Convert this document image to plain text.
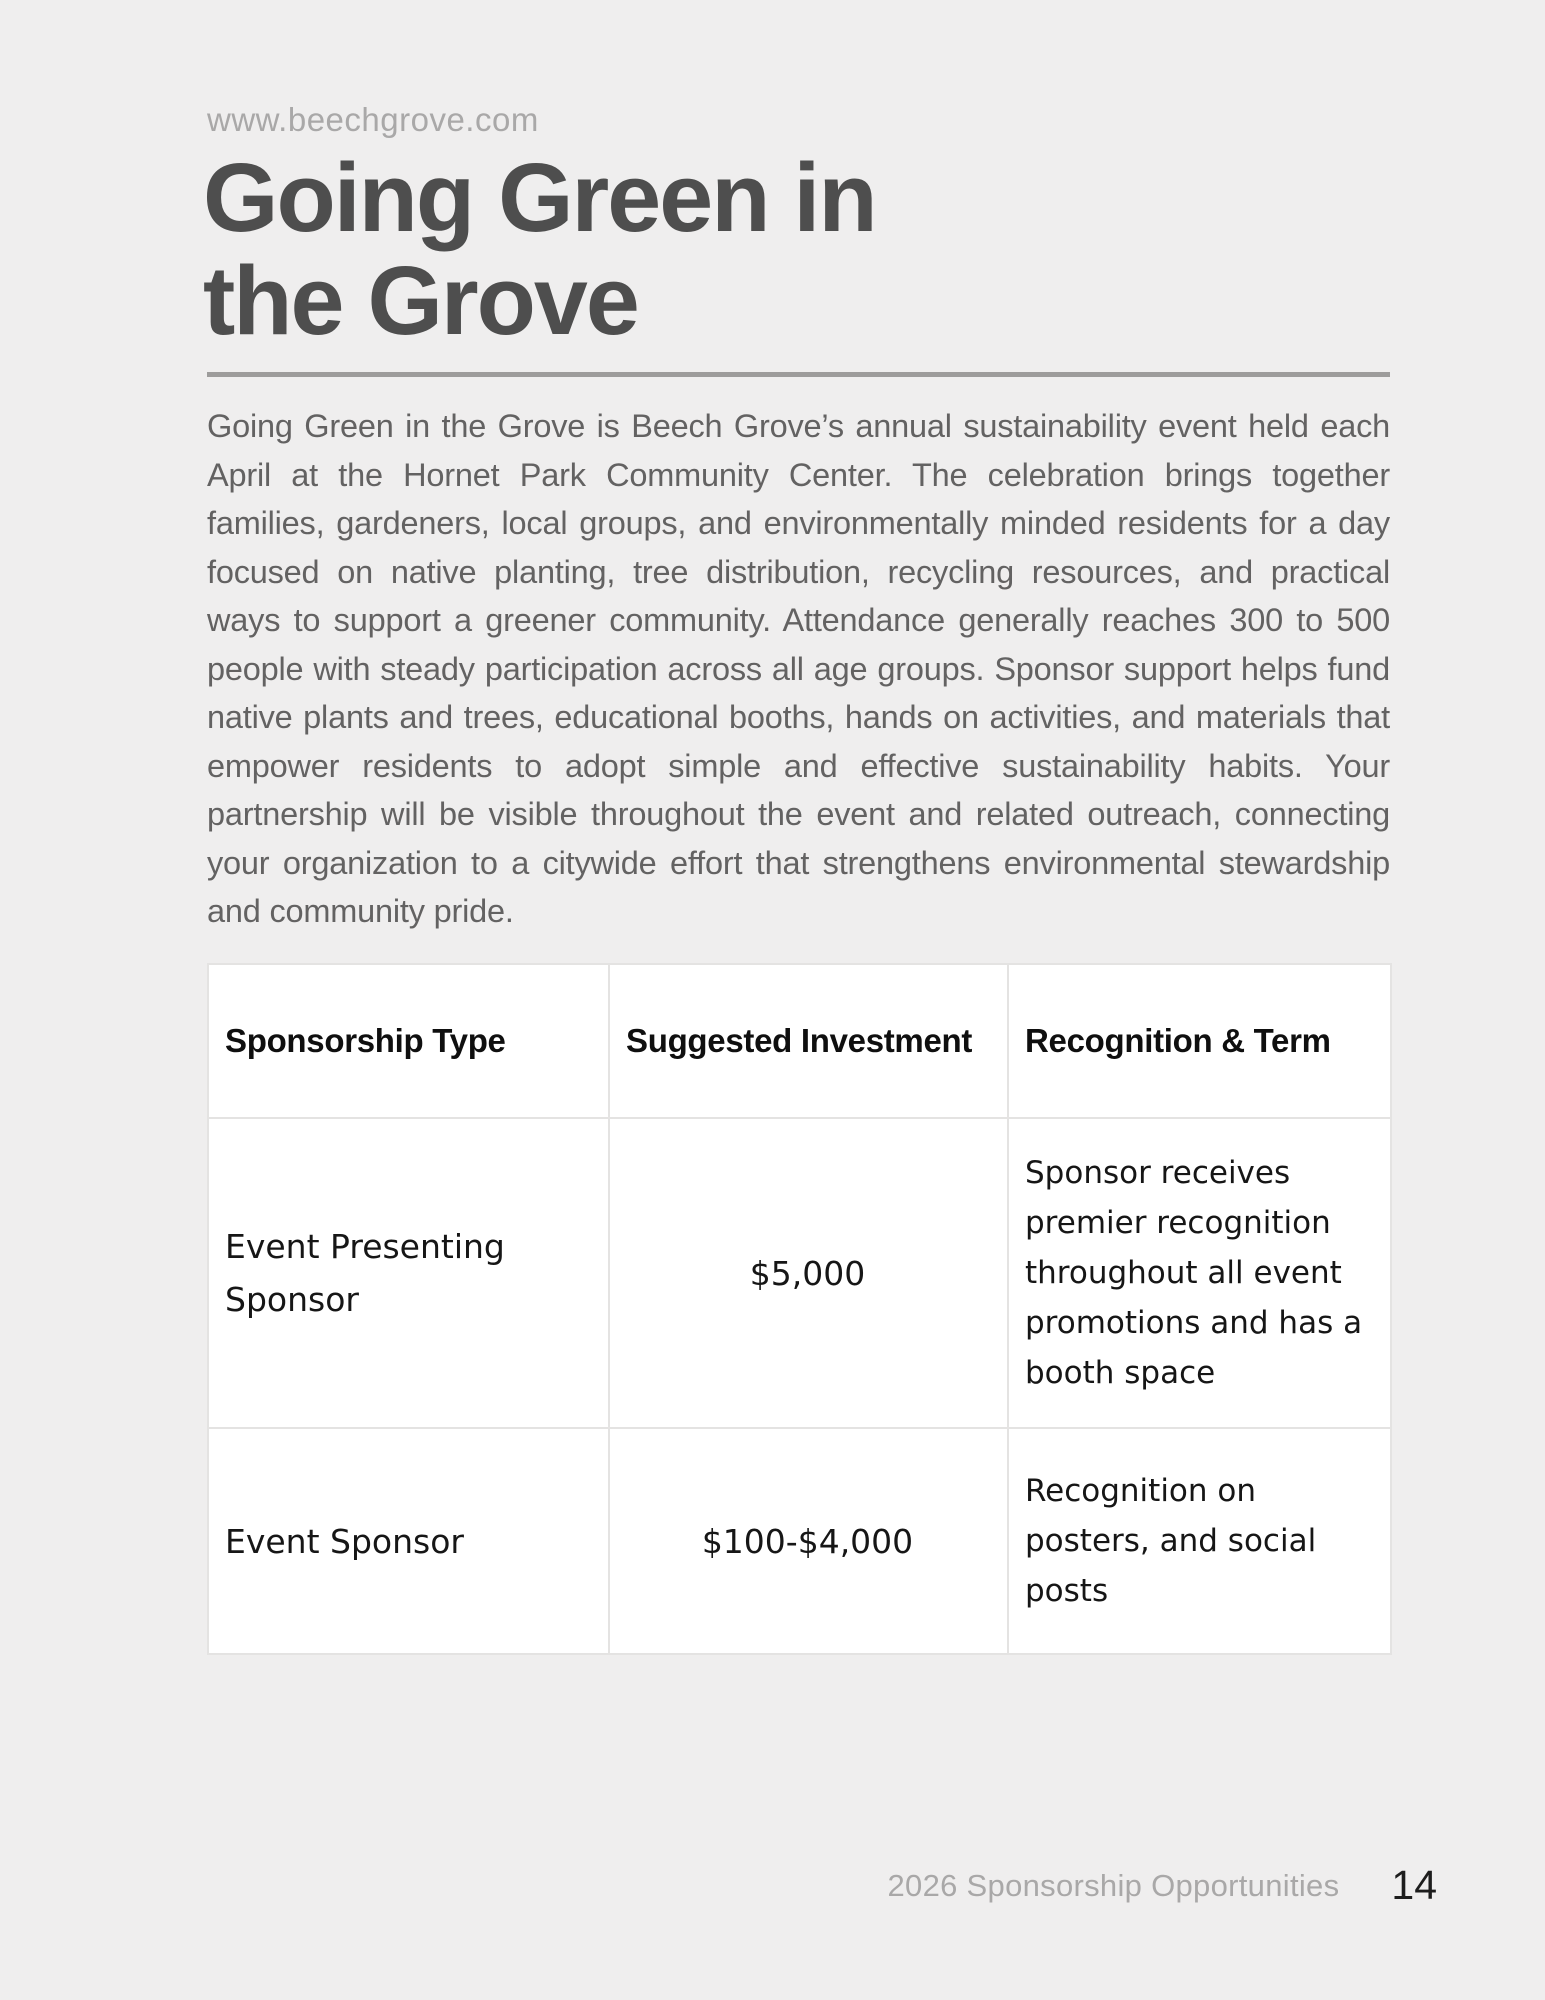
www.beechgrove.com
Going Green in
the Grove

Going Green in the Grove is Beech Grove’s annual sustainability event held each April at the Hornet Park Community Center. The celebration brings together families, gardeners, local groups, and environmentally minded residents for a day focused on native planting, tree distribution, recycling resources, and practical ways to support a greener community. Attendance generally reaches 300 to 500 people with steady participation across all age groups. Sponsor support helps fund native plants and trees, educational booths, hands on activities, and materials that empower residents to adopt simple and effective sustainability habits. Your partnership will be visible throughout the event and related outreach, connecting your organization to a citywide effort that strengthens environmental stewardship and community pride.

Sponsorship Type	Suggested Investment	Recognition & Term
Event Presenting Sponsor	$5,000	Sponsor receives premier recognition throughout all event promotions and has a booth space
Event Sponsor	$100-$4,000	Recognition on posters, and social posts
2026 Sponsorship Opportunities 14
